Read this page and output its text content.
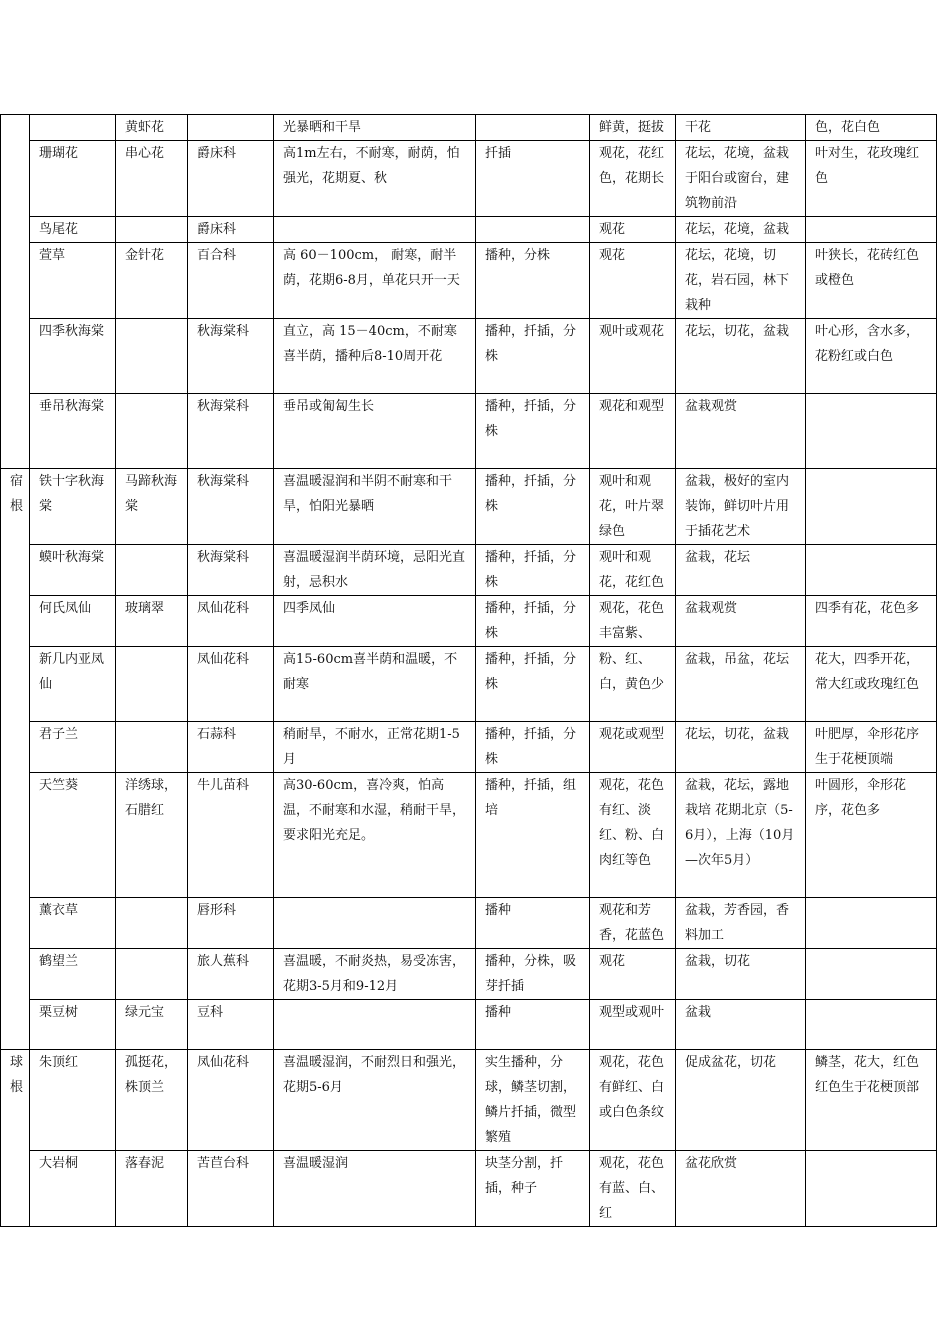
		黄虾花		光暴晒和干旱		鲜黄，挺拔	干花	色，花白色
	珊瑚花	串心花	爵床科	高1m左右，不耐寒，耐荫，怕强光，花期夏、秋	扦插	观花，花红色，花期长	花坛，花境，盆栽于阳台或窗台，建筑物前沿	叶对生，花玫瑰红色
	鸟尾花		爵床科			观花	花坛，花境，盆栽	
	萱草	金针花	百合科	高 60－100cm， 耐寒，耐半荫，花期6-8月，单花只开一天	播种，分株	观花	花坛，花境，切花，岩石园，林下栽种	叶狭长，花砖红色或橙色
	四季秋海棠		秋海棠科	直立，高 15－40cm，不耐寒喜半荫，播种后8-10周开花	播种，扦插，分株	观叶或观花	花坛，切花，盆栽	叶心形，含水多，花粉红或白色
	垂吊秋海棠		秋海棠科	垂吊或匍匐生长	播种，扦插，分株	观花和观型	盆栽观赏	
宿根	铁十字秋海棠	马蹄秋海棠	秋海棠科	喜温暖湿润和半阴不耐寒和干旱，怕阳光暴晒	播种，扦插，分株	观叶和观花，叶片翠绿色	盆栽，极好的室内装饰，鲜切叶片用于插花艺术	
	蟆叶秋海棠		秋海棠科	喜温暖湿润半荫环境，忌阳光直射，忌积水	播种，扦插，分株	观叶和观花，花红色	盆栽，花坛	
	何氏凤仙	玻璃翠	凤仙花科	四季凤仙	播种，扦插，分株	观花，花色丰富紫、	盆栽观赏	四季有花，花色多
	新几内亚凤仙		凤仙花科	高15-60cm喜半荫和温暖，不耐寒	播种，扦插，分株	粉、红、白，黄色少	盆栽，吊盆，花坛	花大，四季开花，常大红或玫瑰红色
	君子兰		石蒜科	稍耐旱，不耐水，正常花期1-5月	播种，扦插，分株	观花或观型	花坛，切花，盆栽	叶肥厚，伞形花序生于花梗顶端
	天竺葵	洋绣球，石腊红	牛儿苗科	高30-60cm，喜冷爽，怕高温，不耐寒和水湿，稍耐干旱，要求阳光充足。	播种，扦插，组培	观花，花色有红、淡红、粉、白肉红等色	盆栽，花坛，露地栽培 花期北京（5-6月），上海（10月—次年5月）	叶圆形，伞形花序，花色多
	薰衣草		唇形科		播种	观花和芳香，花蓝色	盆栽，芳香园，香料加工	
	鹤望兰		旅人蕉科	喜温暖，不耐炎热，易受冻害，花期3-5月和9-12月	播种，分株，吸芽扦插	观花	盆栽，切花	
	栗豆树	绿元宝	豆科		播种	观型或观叶	盆栽	
球根	朱顶红	孤挺花，株顶兰	凤仙花科	喜温暖湿润，不耐烈日和强光，花期5-6月	实生播种，分球，鳞茎切割，鳞片扦插，微型繁殖	观花，花色有鲜红、白或白色条纹	促成盆花，切花	鳞茎，花大，红色红色生于花梗顶部
	大岩桐	落春泥	苦苣台科	喜温暖湿润	块茎分割，扦插，种子	观花，花色有蓝、白、红	盆花欣赏	
